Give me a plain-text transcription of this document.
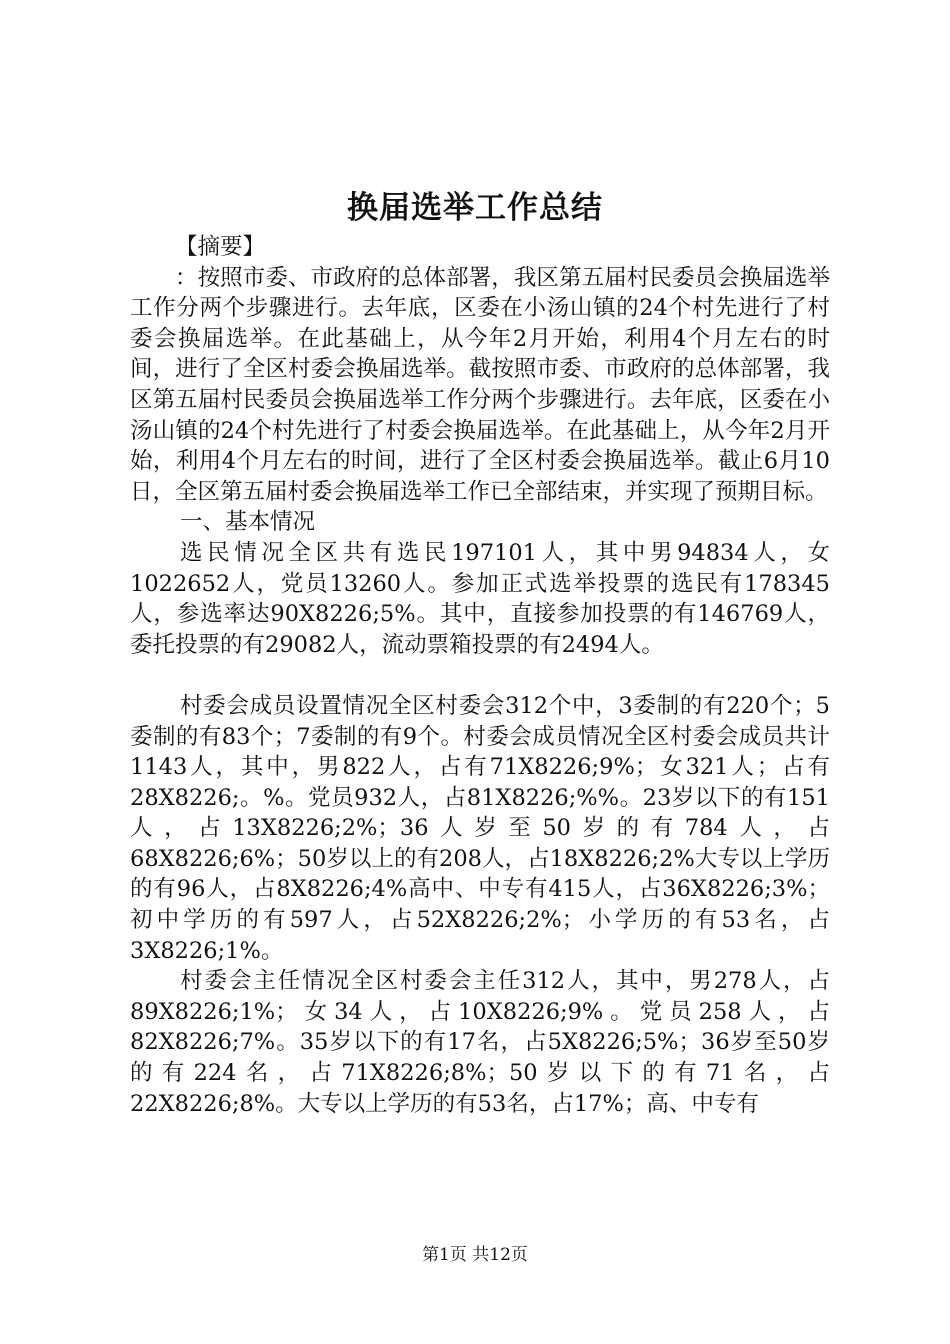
换届选举工作总结

【摘要】

：按照市委、市政府的总体部署，我区第五届村民委员会换届选举工作分两个步骤进行。去年底，区委在小汤山镇的24个村先进行了村委会换届选举。在此基础上，从今年2月开始，利用4个月左右的时间，进行了全区村委会换届选举。截按照市委、市政府的总体部署，我区第五届村民委员会换届选举工作分两个步骤进行。去年底，区委在小汤山镇的24个村先进行了村委会换届选举。在此基础上，从今年2月开始，利用4个月左右的时间，进行了全区村委会换届选举。截止6月10日，全区第五届村委会换届选举工作已全部结束，并实现了预期目标。

一、基本情况

选民情况全区共有选民197101人，其中男94834人，女1022652人，党员13260人。参加正式选举投票的选民有178345人，参选率达90X8226;5%。其中，直接参加投票的有146769人，委托投票的有29082人，流动票箱投票的有2494人。

村委会成员设置情况全区村委会312个中，3委制的有220个；5委制的有83个；7委制的有9个。村委会成员情况全区村委会成员共计1143人，其中，男822人，占有71X8226;9%；女321人；占有28X8226;。%。党员932人，占81X8226;%%。23岁以下的有151人，占13X8226;2%；36人岁至50岁的有784人，占68X8226;6%；50岁以上的有208人，占18X8226;2%大专以上学历的有96人，占8X8226;4%高中、中专有415人，占36X8226;3%；初中学历的有597人，占52X8226;2%；小学历的有53名，占3X8226;1%。

村委会主任情况全区村委会主任312人，其中，男278人，占89X8226;1%；女34人，占10X8226;9%。党员258人，占82X8226;7%。35岁以下的有17名，占5X8226;5%；36岁至50岁的有224名，占71X8226;8%；50岁以下的有71名，占22X8226;8%。大专以上学历的有53名，占17%；高、中专有

第1页 共12页
